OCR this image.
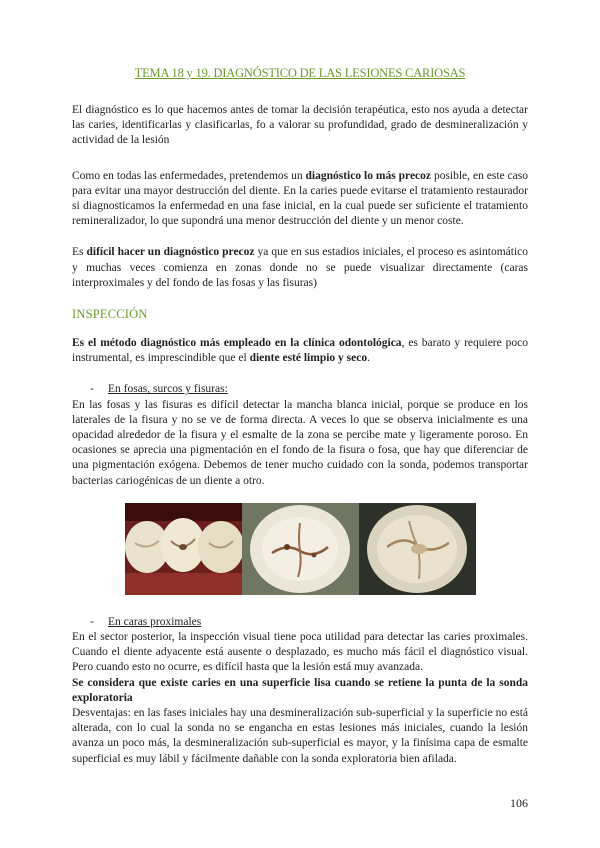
TEMA 18 y 19. DIAGNÓSTICO DE LAS LESIONES CARIOSAS

El diagnóstico es lo que hacemos antes de tomar la decisión terapéutica, esto nos ayuda a detectar las caries, identificarlas y clasificarlas, fo a valorar su profundidad, grado de desmineralización y actividad de la lesión

Como en todas las enfermedades, pretendemos un diagnóstico lo más precoz posible, en este caso para evitar una mayor destrucción del diente. En la caries puede evitarse el tratamiento restaurador si diagnosticamos la enfermedad en una fase inicial, en la cual puede ser suficiente el tratamiento remineralizador, lo que supondrá una menor destrucción del diente y un menor coste.

Es difícil hacer un diagnóstico precoz ya que en sus estadios iniciales, el proceso es asintomático y muchas veces comienza en zonas donde no se puede visualizar directamente (caras interproximales y del fondo de las fosas y las fisuras)

INSPECCIÓN

Es el método diagnóstico más empleado en la clínica odontológica, es barato y requiere poco instrumental, es imprescindible que el diente esté limpio y seco.

- En fosas, surcos y fisuras:

En las fosas y las fisuras es difícil detectar la mancha blanca inicial, porque se produce en los laterales de la fisura y no se ve de forma directa. A veces lo que se observa inicialmente es una opacidad alrededor de la fisura y el esmalte de la zona se percibe mate y ligeramente poroso. En ocasiones se aprecia una pigmentación en el fondo de la fisura o fosa, que hay que diferenciar de una pigmentación exógena. Debemos de tener mucho cuidado con la sonda, podemos transportar bacterias cariogénicas de un diente a otro.

- En caras proximales

En el sector posterior, la inspección visual tiene poca utilidad para detectar las caries proximales. Cuando el diente adyacente está ausente o desplazado, es mucho más fácil el diagnóstico visual. Pero cuando esto no ocurre, es difícil hasta que la lesión está muy avanzada.

Se considera que existe caries en una superficie lisa cuando se retiene la punta de la sonda exploratoria

Desventajas: en las fases iniciales hay una desmineralización sub-superficial y la superficie no está alterada, con lo cual la sonda no se engancha en estas lesiones más iniciales, cuando la lesión avanza un poco más, la desmineralización sub-superficial es mayor, y la finísima capa de esmalte superficial es muy lábil y fácilmente dañable con la sonda exploratoria bien afilada.

106
